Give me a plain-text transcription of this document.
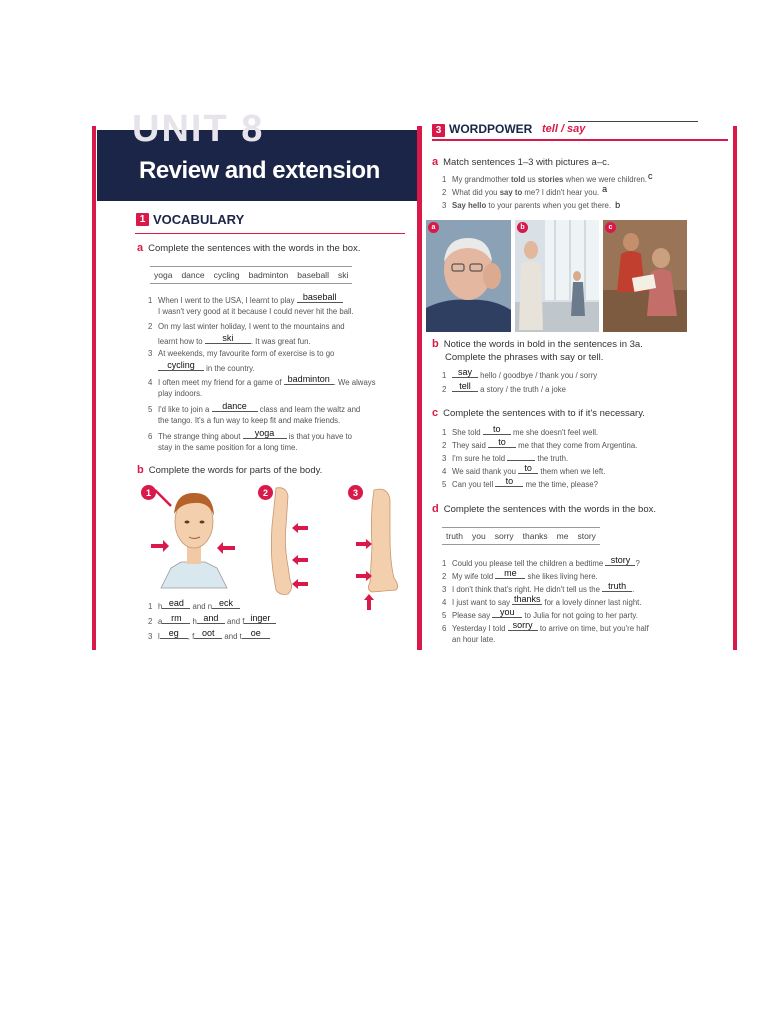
UNIT 8
Review and extension
1 VOCABULARY
a Complete the sentences with the words in the box.
yoga dance cycling badminton baseball ski
1 When I went to the USA, I learnt to play baseball
I wasn't very good at it because I could never hit the ball.
2 On my last winter holiday, I went to the mountains and
learnt how to	ski	. It was great fun.
3 At weekends, my favourite form of exercise is to go
cycling	in the country.
4 I often meet my friend for a game of badminton . We always
play indoors.
5 I'd like to join a	dance	class and learn the waltz and
the tango. It's a fun way to keep fit and make friends.
6 The strange thing about	yoga	is that you have to
stay in the same position for a long time.
b Complete the words for parts of the body.
1	2	3
1 h ead	and n eck
2 a rm	h and	and f inger
3 l eg	, f oot	and t oe
3 WORDPOWER tell / say
a Match sentences 1–3 with pictures a–c.
1 My grandmother told us stories when we were children.c
2 What did you say to me? I didn't hear you. a
3 Say hello to your parents when you get there. b
a	b	c
b Notice the words in bold in the sentences in 3a.
Complete the phrases with say or tell.
1	say	hello / goodbye / thank you / sorry
2	tell	a story / the truth / a joke
c Complete the sentences with to if it's necessary.
1 She told	to	me she doesn't feel well.
2 They said	to	me that they come from Argentina.
3 I'm sure he told	the truth.
4 We said thank you to	them when we left.
5 Can you tell	to	me the time, please?
d Complete the sentences with the words in the box.
truth you sorry thanks me story
1 Could you please tell the children a bedtime story ?
2 My wife told	me	she likes living here.
3 I don't think that's right. He didn't tell us the truth .
4 I just want to say thanks for a lovely dinner last night.
5 Please say	you	to Julia for not going to her party.
6 Yesterday I told sorry to arrive on time, but you're half
an hour late.
